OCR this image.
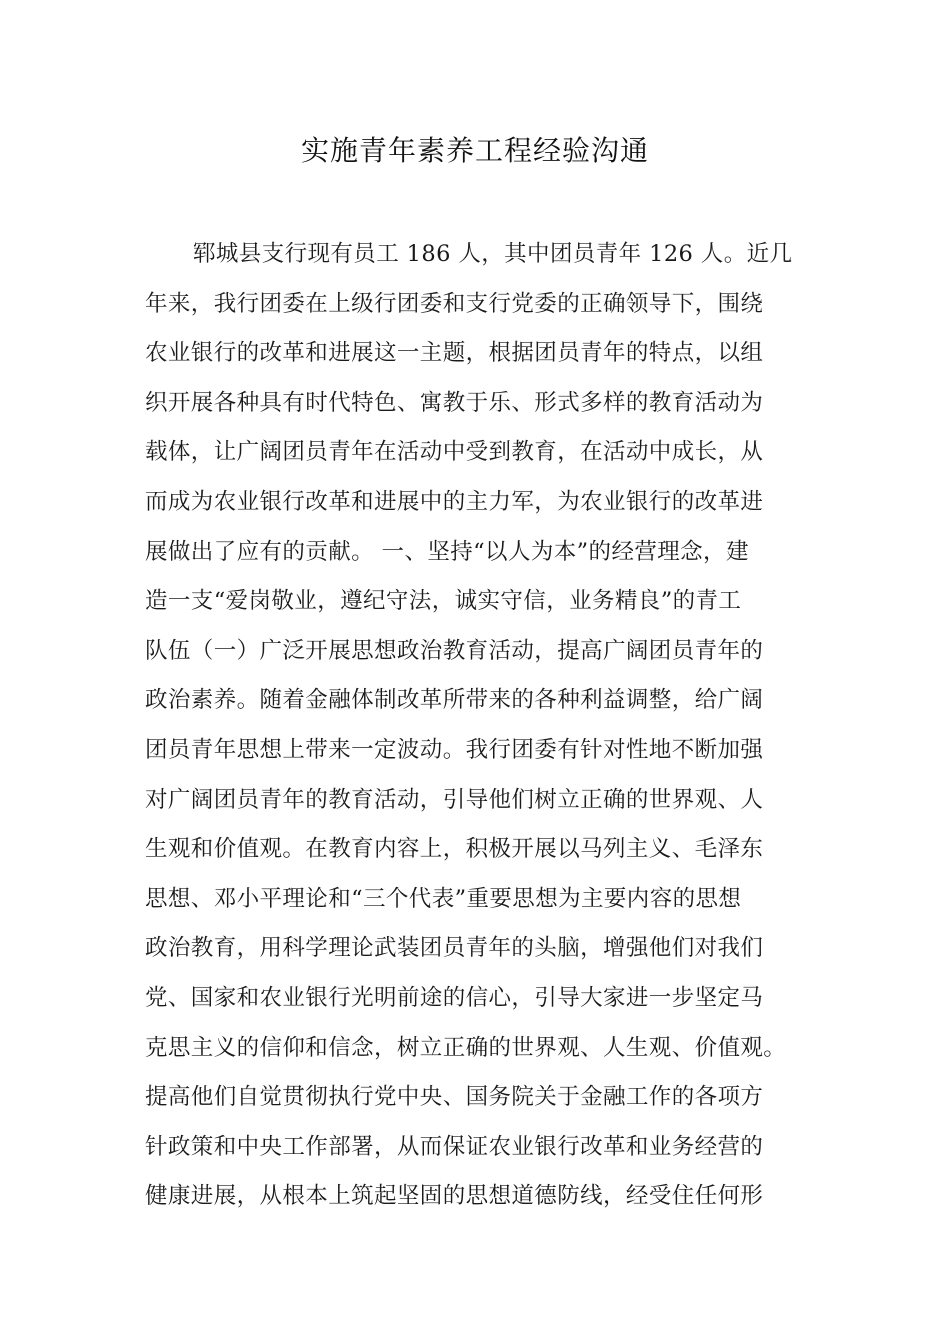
实施青年素养工程经验沟通
郓城县支行现有员工 186 人，其中团员青年 126 人。近几
年来，我行团委在上级行团委和支行党委的正确领导下，围绕
农业银行的改革和进展这一主题，根据团员青年的特点，以组
织开展各种具有时代特色、寓教于乐、形式多样的教育活动为
载体，让广阔团员青年在活动中受到教育，在活动中成长，从
而成为农业银行改革和进展中的主力军，为农业银行的改革进
展做出了应有的贡献。 一、坚持“以人为本”的经营理念，建
造一支“爱岗敬业，遵纪守法，诚实守信，业务精良”的青工
队伍（一）广泛开展思想政治教育活动，提高广阔团员青年的
政治素养。随着金融体制改革所带来的各种利益调整，给广阔
团员青年思想上带来一定波动。我行团委有针对性地不断加强
对广阔团员青年的教育活动，引导他们树立正确的世界观、人
生观和价值观。在教育内容上，积极开展以马列主义、毛泽东
思想、邓小平理论和“三个代表”重要思想为主要内容的思想
政治教育，用科学理论武装团员青年的头脑，增强他们对我们
党、国家和农业银行光明前途的信心，引导大家进一步坚定马
克思主义的信仰和信念，树立正确的世界观、人生观、价值观。
提高他们自觉贯彻执行党中央、国务院关于金融工作的各项方
针政策和中央工作部署，从而保证农业银行改革和业务经营的
健康进展，从根本上筑起坚固的思想道德防线，经受住任何形
